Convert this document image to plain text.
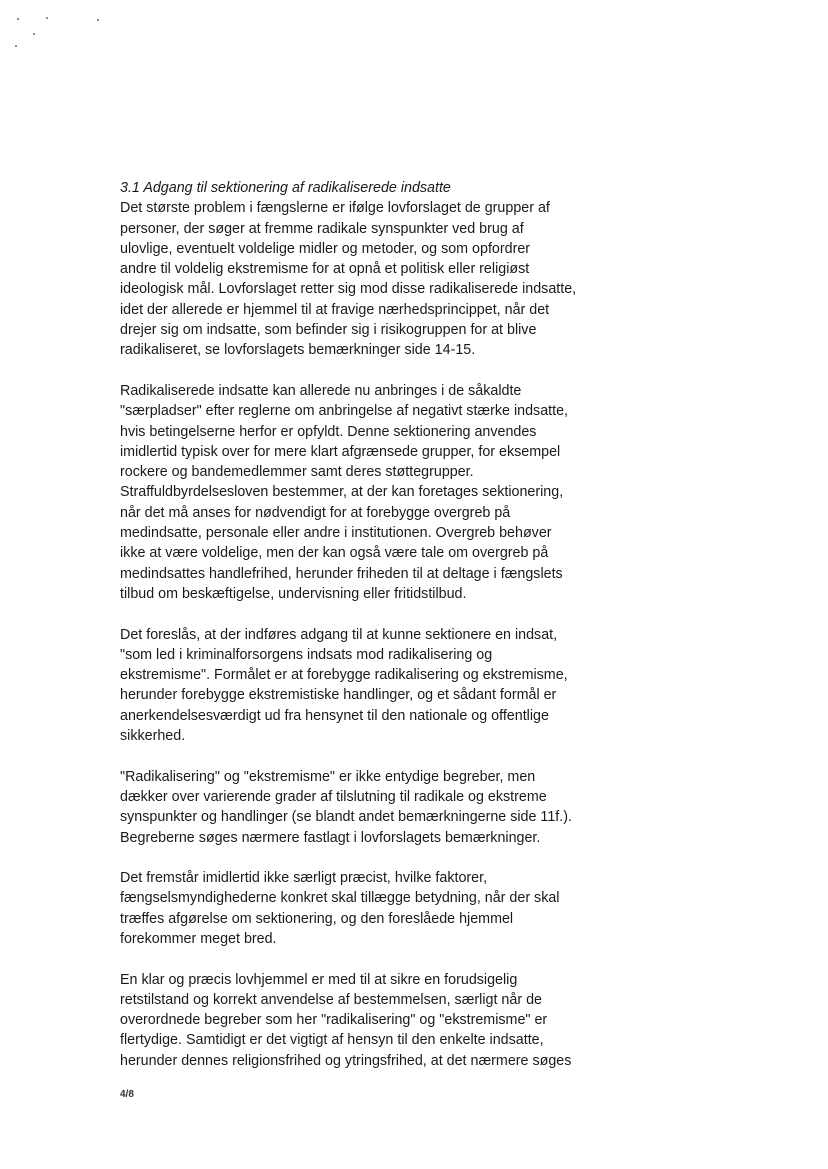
3.1 Adgang til sektionering af radikaliserede indsatte

Det største problem i fængslerne er ifølge lovforslaget de grupper af
personer, der søger at fremme radikale synspunkter ved brug af
ulovlige, eventuelt voldelige midler og metoder, og som opfordrer
andre til voldelig ekstremisme for at opnå et politisk eller religiøst
ideologisk mål. Lovforslaget retter sig mod disse radikaliserede indsatte,
idet der allerede er hjemmel til at fravige nærhedsprincippet, når det
drejer sig om indsatte, som befinder sig i risikogruppen for at blive
radikaliseret, se lovforslagets bemærkninger side 14-15.

Radikaliserede indsatte kan allerede nu anbringes i de såkaldte
"særpladser" efter reglerne om anbringelse af negativt stærke indsatte,
hvis betingelserne herfor er opfyldt. Denne sektionering anvendes
imidlertid typisk over for mere klart afgrænsede grupper, for eksempel
rockere og bandemedlemmer samt deres støttegrupper.
Straffuldbyrdelsesloven bestemmer, at der kan foretages sektionering,
når det må anses for nødvendigt for at forebygge overgreb på
medindsatte, personale eller andre i institutionen. Overgreb behøver
ikke at være voldelige, men der kan også være tale om overgreb på
medindsattes handlefrihed, herunder friheden til at deltage i fængslets
tilbud om beskæftigelse, undervisning eller fritidstilbud.

Det foreslås, at der indføres adgang til at kunne sektionere en indsat,
"som led i kriminalforsorgens indsats mod radikalisering og
ekstremisme". Formålet er at forebygge radikalisering og ekstremisme,
herunder forebygge ekstremistiske handlinger, og et sådant formål er
anerkendelsesværdigt ud fra hensynet til den nationale og offentlige
sikkerhed.

"Radikalisering" og "ekstremisme" er ikke entydige begreber, men
dækker over varierende grader af tilslutning til radikale og ekstreme
synspunkter og handlinger (se blandt andet bemærkningerne side 11f.).
Begreberne søges nærmere fastlagt i lovforslagets bemærkninger.

Det fremstår imidlertid ikke særligt præcist, hvilke faktorer,
fængselsmyndighederne konkret skal tillægge betydning, når der skal
træffes afgørelse om sektionering, og den foreslåede hjemmel
forekommer meget bred.

En klar og præcis lovhjemmel er med til at sikre en forudsigelig
retstilstand og korrekt anvendelse af bestemmelsen, særligt når de
overordnede begreber som her "radikalisering" og "ekstremisme" er
flertydige. Samtidigt er det vigtigt af hensyn til den enkelte indsatte,
herunder dennes religionsfrihed og ytringsfrihed, at det nærmere søges

4/8
